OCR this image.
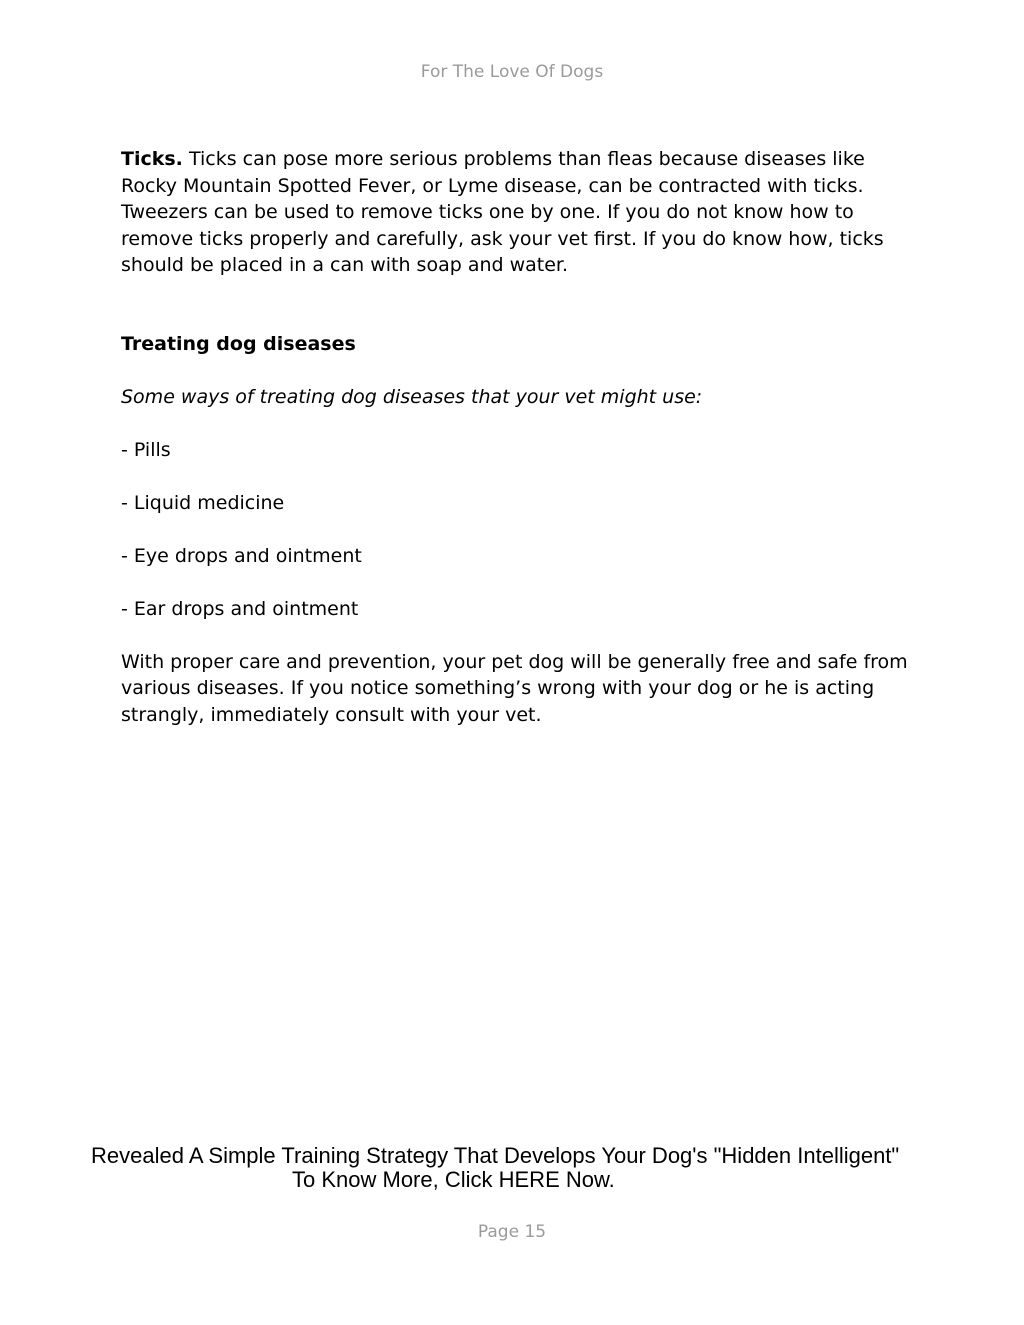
For The Love Of Dogs

Ticks. Ticks can pose more serious problems than fleas because diseases like Rocky Mountain Spotted Fever, or Lyme disease, can be contracted with ticks. Tweezers can be used to remove ticks one by one. If you do not know how to remove ticks properly and carefully, ask your vet first. If you do know how, ticks should be placed in a can with soap and water.

Treating dog diseases

Some ways of treating dog diseases that your vet might use:

- Pills

- Liquid medicine

- Eye drops and ointment

- Ear drops and ointment

With proper care and prevention, your pet dog will be generally free and safe from various diseases. If you notice something’s wrong with your dog or he is acting strangly, immediately consult with your vet.

Revealed A Simple Training Strategy That Develops Your Dog's "Hidden Intelligent"
To Know More, Click HERE Now.
Page 15
